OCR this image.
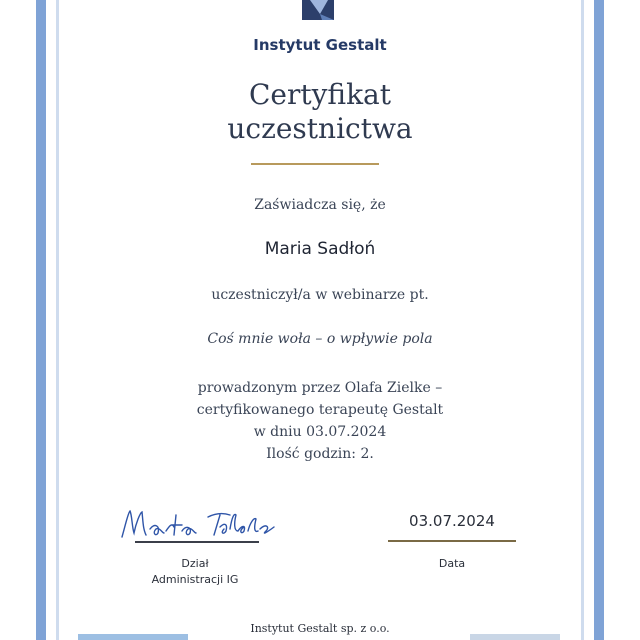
Instytut Gestalt
Certyfikat
uczestnictwa
Zaświadcza się, że
Maria Sadłoń
uczestniczył/a w webinarze pt.
Coś mnie woła – o wpływie pola
prowadzonym przez Olafa Zielke –
certyfikowanego terapeutę Gestalt
w dniu 03.07.2024
Ilość godzin: 2.
Dział
Administracji IG
03.07.2024
Data
Instytut Gestalt sp. z o.o.
